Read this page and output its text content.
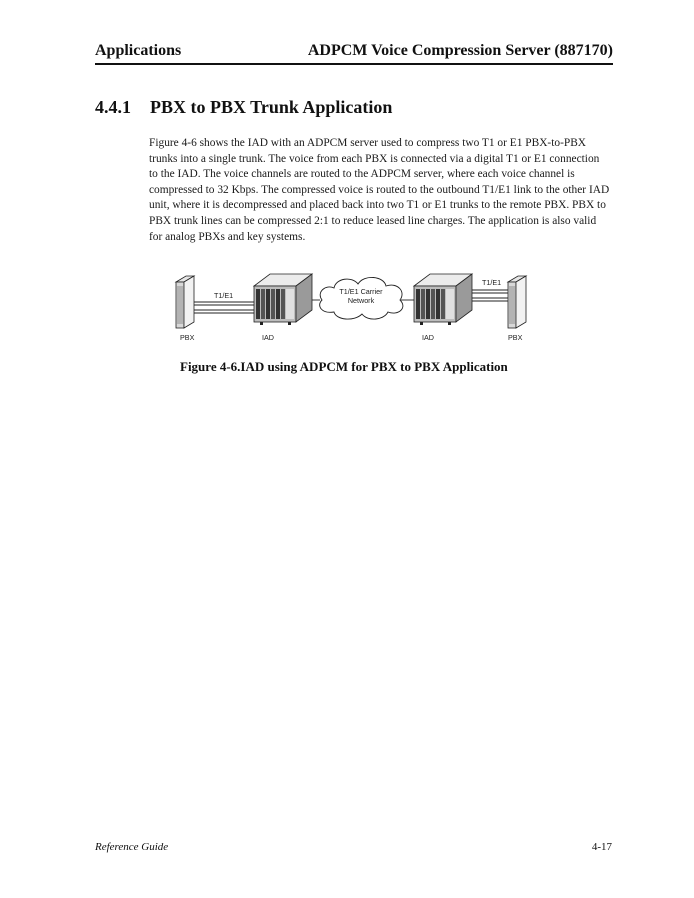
Applications	ADPCM Voice Compression Server (887170)
4.4.1 PBX to PBX Trunk Application

Figure 4-6 shows the IAD with an ADPCM server used to compress two T1 or E1 PBX-to-PBX trunks into a single trunk. The voice from each PBX is connected via a digital T1 or E1 connection to the IAD. The voice channels are routed to the ADPCM server, where each voice channel is compressed to 32 Kbps. The compressed voice is routed to the outbound T1/E1 link to the other IAD unit, where it is decompressed and placed back into two T1 or E1 trunks to the remote PBX. PBX to PBX trunk lines can be compressed 2:1 to reduce leased line charges. The application is also valid for analog PBXs and key systems.

T1/E1	T1/E1 Carrier
Network
T1/E1
PBX	IAD	IAD	PBX
Figure 4-6.IAD using ADPCM for PBX to PBX Application
Reference Guide	4-17
